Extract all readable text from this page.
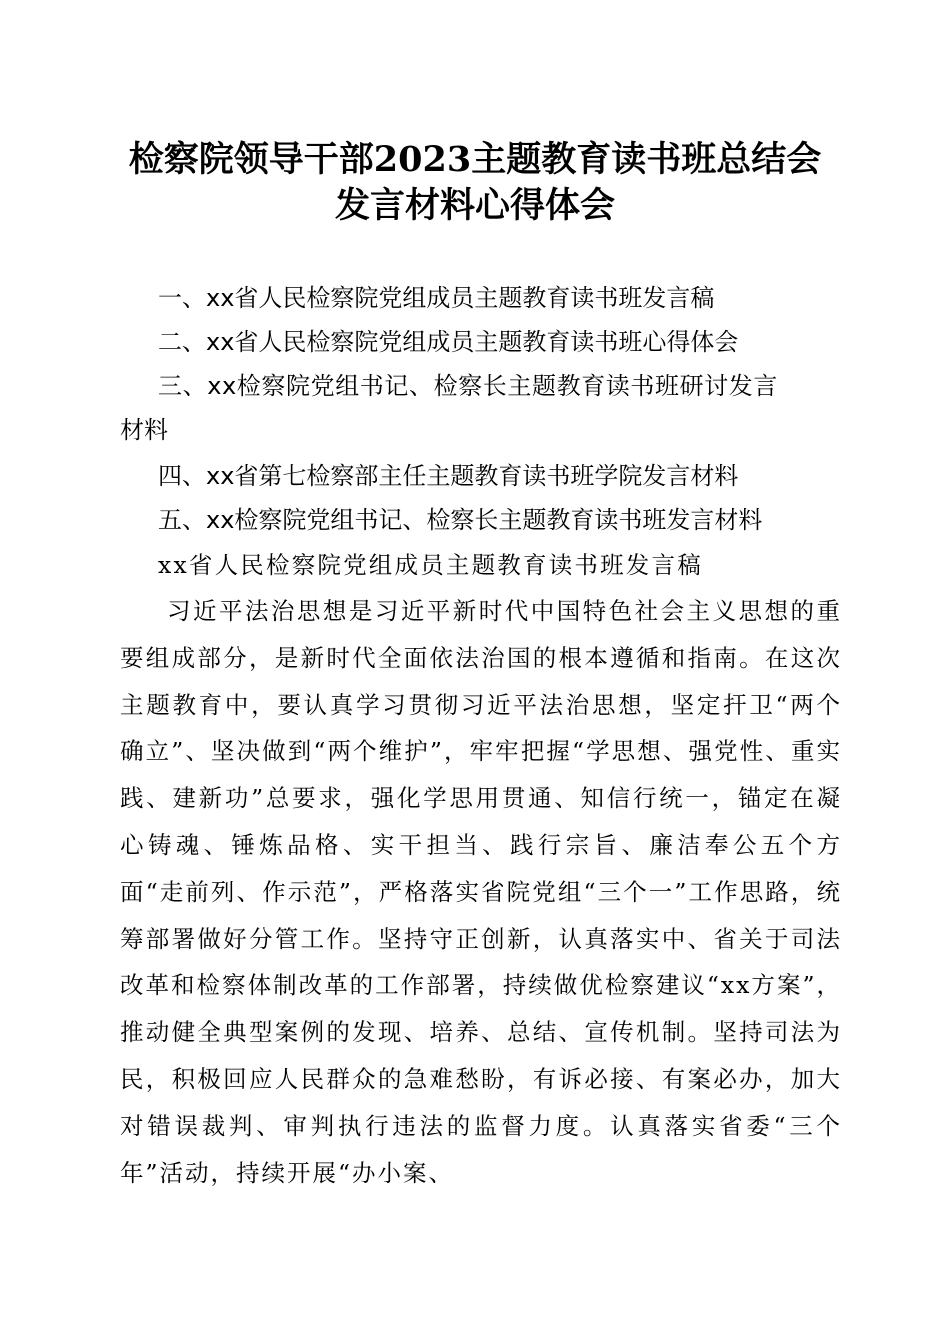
检察院领导干部2023主题教育读书班总结会
发言材料心得体会
一、xx省人民检察院党组成员主题教育读书班发言稿
二、xx省人民检察院党组成员主题教育读书班心得体会
三、xx检察院党组书记、检察长主题教育读书班研讨发言
材料
四、xx省第七检察部主任主题教育读书班学院发言材料
五、xx检察院党组书记、检察长主题教育读书班发言材料
xx省人民检察院党组成员主题教育读书班发言稿

习近平法治思想是习近平新时代中国特色社会主义思想的重要组成部分，是新时代全面依法治国的根本遵循和指南。在这次主题教育中，要认真学习贯彻习近平法治思想，坚定扞卫“两个确立”、坚决做到“两个维护”，牢牢把握“学思想、强党性、重实践、建新功”总要求，强化学思用贯通、知信行统一，锚定在凝心铸魂、锤炼品格、实干担当、践行宗旨、廉洁奉公五个方面“走前列、作示范”，严格落实省院党组“三个一”工作思路，统筹部署做好分管工作。坚持守正创新，认真落实中、省关于司法改革和检察体制改革的工作部署，持续做优检察建议“xx方案”，推动健全典型案例的发现、培养、总结、宣传机制。坚持司法为民，积极回应人民群众的急难愁盼，有诉必接、有案必办，加大对错误裁判、审判执行违法的监督力度。认真落实省委“三个年”活动，持续开展“办小案、
